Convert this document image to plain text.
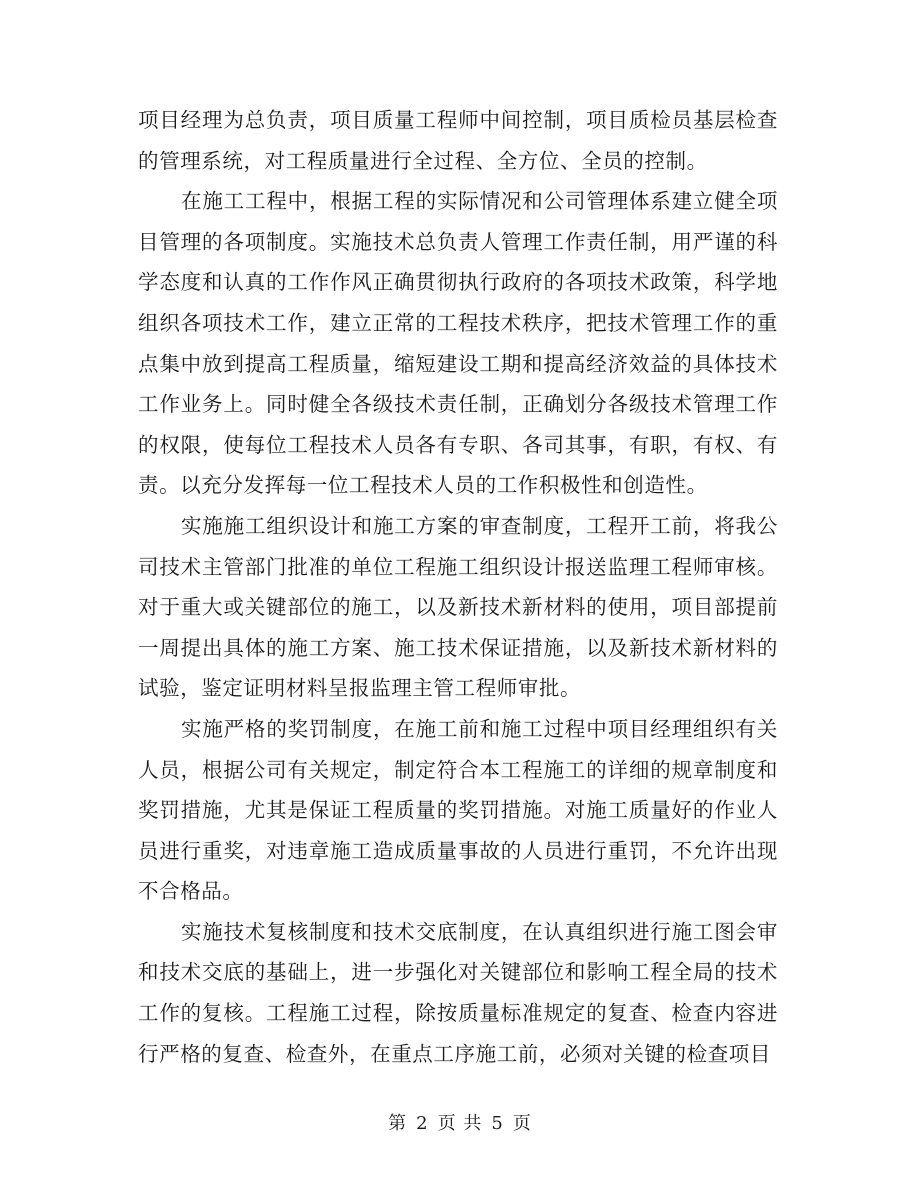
项目经理为总负责，项目质量工程师中间控制，项目质检员基层检查的管理系统，对工程质量进行全过程、全方位、全员的控制。

在施工工程中，根据工程的实际情况和公司管理体系建立健全项目管理的各项制度。实施技术总负责人管理工作责任制，用严谨的科学态度和认真的工作作风正确贯彻执行政府的各项技术政策，科学地组织各项技术工作，建立正常的工程技术秩序，把技术管理工作的重点集中放到提高工程质量，缩短建设工期和提高经济效益的具体技术工作业务上。同时健全各级技术责任制，正确划分各级技术管理工作的权限，使每位工程技术人员各有专职、各司其事，有职，有权、有责。以充分发挥每一位工程技术人员的工作积极性和创造性。

实施施工组织设计和施工方案的审查制度，工程开工前，将我公司技术主管部门批准的单位工程施工组织设计报送监理工程师审核。对于重大或关键部位的施工，以及新技术新材料的使用，项目部提前一周提出具体的施工方案、施工技术保证措施，以及新技术新材料的试验，鉴定证明材料呈报监理主管工程师审批。

实施严格的奖罚制度，在施工前和施工过程中项目经理组织有关人员，根据公司有关规定，制定符合本工程施工的详细的规章制度和奖罚措施，尤其是保证工程质量的奖罚措施。对施工质量好的作业人员进行重奖，对违章施工造成质量事故的人员进行重罚，不允许出现不合格品。

实施技术复核制度和技术交底制度，在认真组织进行施工图会审和技术交底的基础上，进一步强化对关键部位和影响工程全局的技术工作的复核。工程施工过程，除按质量标准规定的复查、检查内容进行严格的复查、检查外，在重点工序施工前，必须对关键的检查项目

第 2 页 共 5 页
